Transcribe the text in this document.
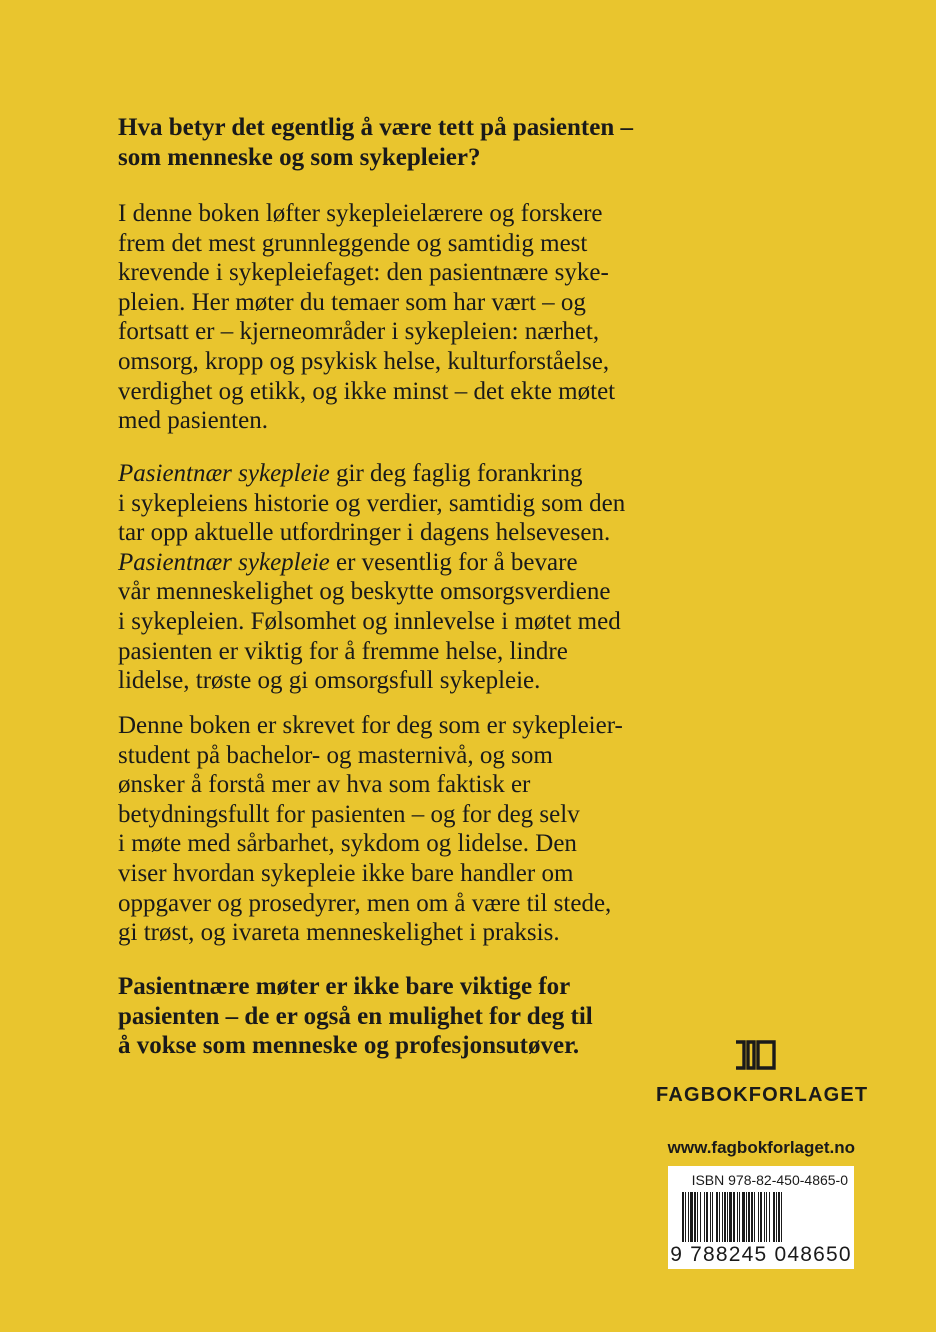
Hva betyr det egentlig å være tett på pasienten –
som menneske og som sykepleier?

I denne boken løfter sykepleielærere og forskere
frem det mest grunnleggende og samtidig mest
krevende i sykepleiefaget: den pasientnære syke-
pleien. Her møter du temaer som har vært – og
fortsatt er – kjerneområder i sykepleien: nærhet,
omsorg, kropp og psykisk helse, kulturforståelse,
verdighet og etikk, og ikke minst – det ekte møtet
med pasienten.

Pasientnær sykepleie gir deg faglig forankring
i sykepleiens historie og verdier, samtidig som den
tar opp aktuelle utfordringer i dagens helsevesen.
Pasientnær sykepleie er vesentlig for å bevare
vår menneskelighet og beskytte omsorgsverdiene
i sykepleien. Følsomhet og innlevelse i møtet med
pasienten er viktig for å fremme helse, lindre
lidelse, trøste og gi omsorgsfull sykepleie.

Denne boken er skrevet for deg som er sykepleier-
student på bachelor- og masternivå, og som
ønsker å forstå mer av hva som faktisk er
betydningsfullt for pasienten – og for deg selv
i møte med sårbarhet, sykdom og lidelse. Den
viser hvordan sykepleie ikke bare handler om
oppgaver og prosedyrer, men om å være til stede,
gi trøst, og ivareta menneskelighet i praksis.

Pasientnære møter er ikke bare viktige for
pasienten – de er også en mulighet for deg til
å vokse som menneske og profesjonsutøver.

FAGBOKFORLAGET
www.fagbokforlaget.no
ISBN 978-82-450-4865-0
9 788245 048650
